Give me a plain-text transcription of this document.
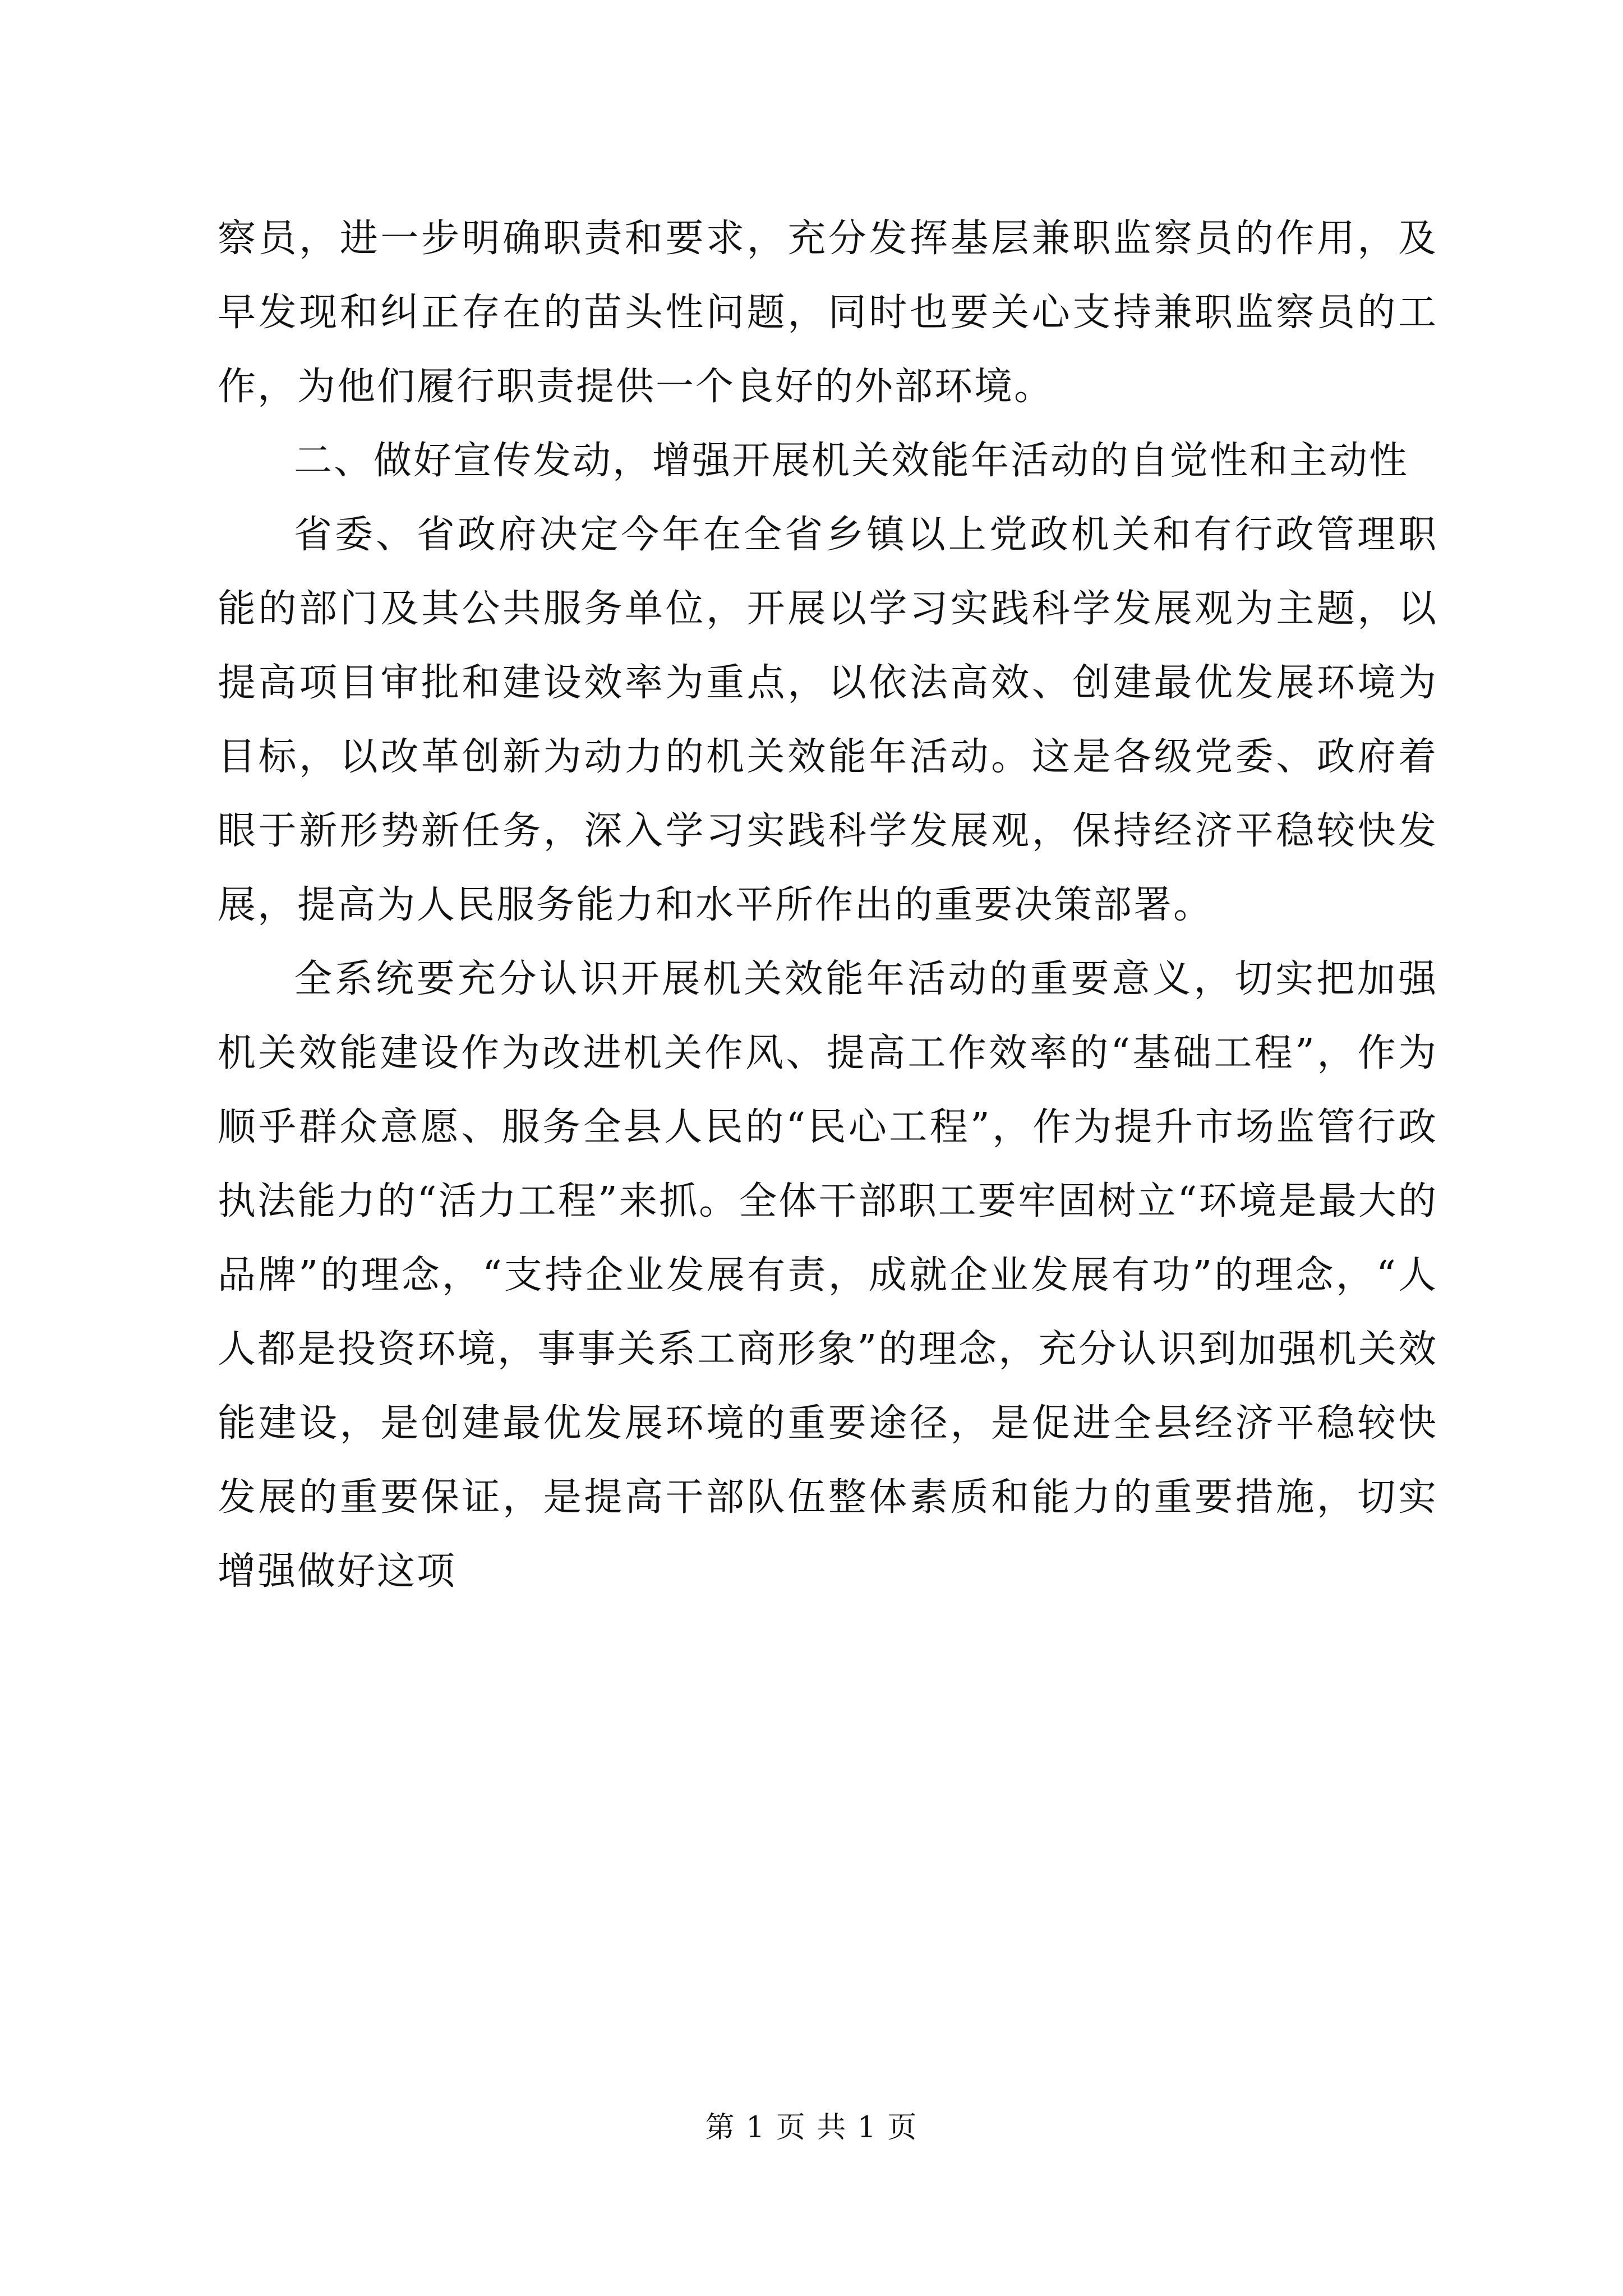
察员，进一步明确职责和要求，充分发挥基层兼职监察员的作用，及早发现和纠正存在的苗头性问题，同时也要关心支持兼职监察员的工作，为他们履行职责提供一个良好的外部环境。

二、做好宣传发动，增强开展机关效能年活动的自觉性和主动性

省委、省政府决定今年在全省乡镇以上党政机关和有行政管理职能的部门及其公共服务单位，开展以学习实践科学发展观为主题，以提高项目审批和建设效率为重点，以依法高效、创建最优发展环境为目标，以改革创新为动力的机关效能年活动。这是各级党委、政府着眼于新形势新任务，深入学习实践科学发展观，保持经济平稳较快发展，提高为人民服务能力和水平所作出的重要决策部署。

全系统要充分认识开展机关效能年活动的重要意义，切实把加强机关效能建设作为改进机关作风、提高工作效率的“基础工程”，作为顺乎群众意愿、服务全县人民的“民心工程”，作为提升市场监管行政执法能力的“活力工程”来抓。全体干部职工要牢固树立“环境是最大的品牌”的理念，“支持企业发展有责，成就企业发展有功”的理念，“人人都是投资环境，事事关系工商形象”的理念，充分认识到加强机关效能建设，是创建最优发展环境的重要途径，是促进全县经济平稳较快发展的重要保证，是提高干部队伍整体素质和能力的重要措施，切实增强做好这项

第 1 页 共 1 页
